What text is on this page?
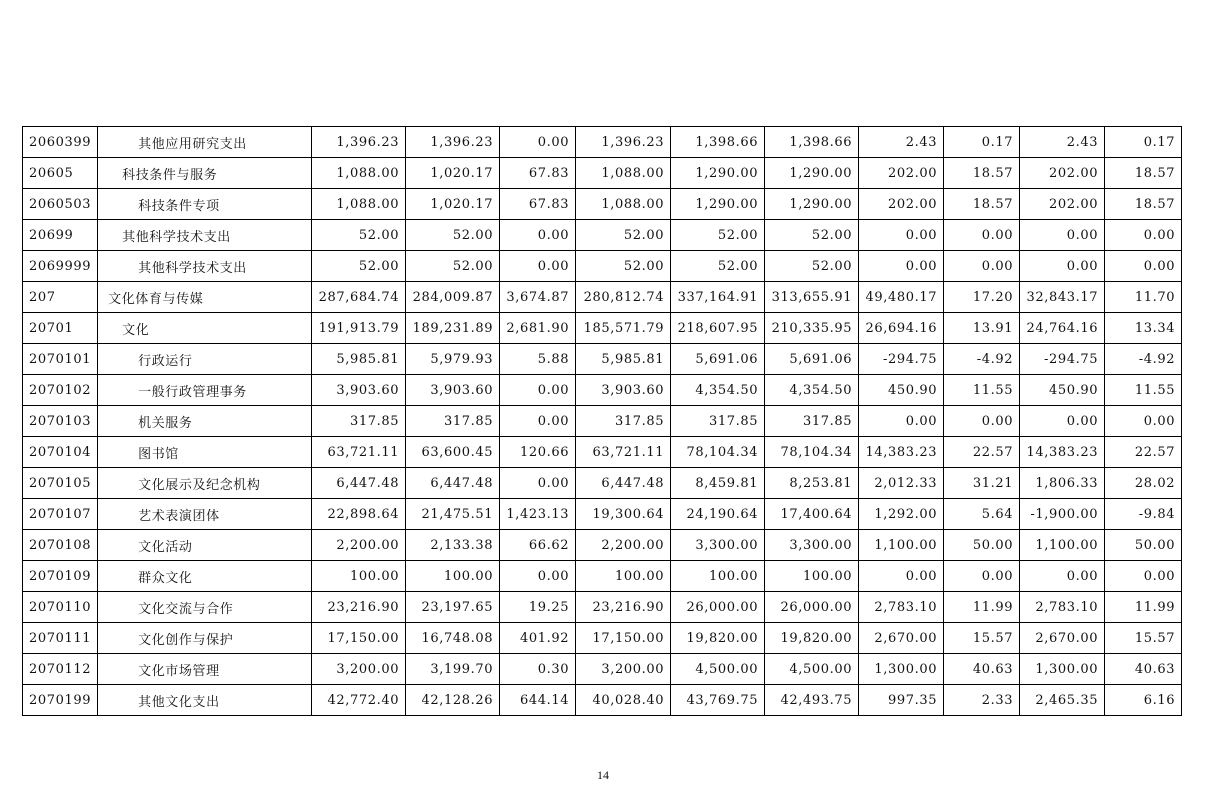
2060399	其他应用研究支出	1,396.23	1,396.23	0.00	1,396.23	1,398.66	1,398.66	2.43	0.17	2.43	0.17
20605	科技条件与服务	1,088.00	1,020.17	67.83	1,088.00	1,290.00	1,290.00	202.00	18.57	202.00	18.57
2060503	科技条件专项	1,088.00	1,020.17	67.83	1,088.00	1,290.00	1,290.00	202.00	18.57	202.00	18.57
20699	其他科学技术支出	52.00	52.00	0.00	52.00	52.00	52.00	0.00	0.00	0.00	0.00
2069999	其他科学技术支出	52.00	52.00	0.00	52.00	52.00	52.00	0.00	0.00	0.00	0.00
207	文化体育与传媒	287,684.74	284,009.87	3,674.87	280,812.74	337,164.91	313,655.91	49,480.17	17.20	32,843.17	11.70
20701	文化	191,913.79	189,231.89	2,681.90	185,571.79	218,607.95	210,335.95	26,694.16	13.91	24,764.16	13.34
2070101	行政运行	5,985.81	5,979.93	5.88	5,985.81	5,691.06	5,691.06	-294.75	-4.92	-294.75	-4.92
2070102	一般行政管理事务	3,903.60	3,903.60	0.00	3,903.60	4,354.50	4,354.50	450.90	11.55	450.90	11.55
2070103	机关服务	317.85	317.85	0.00	317.85	317.85	317.85	0.00	0.00	0.00	0.00
2070104	图书馆	63,721.11	63,600.45	120.66	63,721.11	78,104.34	78,104.34	14,383.23	22.57	14,383.23	22.57
2070105	文化展示及纪念机构	6,447.48	6,447.48	0.00	6,447.48	8,459.81	8,253.81	2,012.33	31.21	1,806.33	28.02
2070107	艺术表演团体	22,898.64	21,475.51	1,423.13	19,300.64	24,190.64	17,400.64	1,292.00	5.64	-1,900.00	-9.84
2070108	文化活动	2,200.00	2,133.38	66.62	2,200.00	3,300.00	3,300.00	1,100.00	50.00	1,100.00	50.00
2070109	群众文化	100.00	100.00	0.00	100.00	100.00	100.00	0.00	0.00	0.00	0.00
2070110	文化交流与合作	23,216.90	23,197.65	19.25	23,216.90	26,000.00	26,000.00	2,783.10	11.99	2,783.10	11.99
2070111	文化创作与保护	17,150.00	16,748.08	401.92	17,150.00	19,820.00	19,820.00	2,670.00	15.57	2,670.00	15.57
2070112	文化市场管理	3,200.00	3,199.70	0.30	3,200.00	4,500.00	4,500.00	1,300.00	40.63	1,300.00	40.63
2070199	其他文化支出	42,772.40	42,128.26	644.14	40,028.40	43,769.75	42,493.75	997.35	2.33	2,465.35	6.16
14
